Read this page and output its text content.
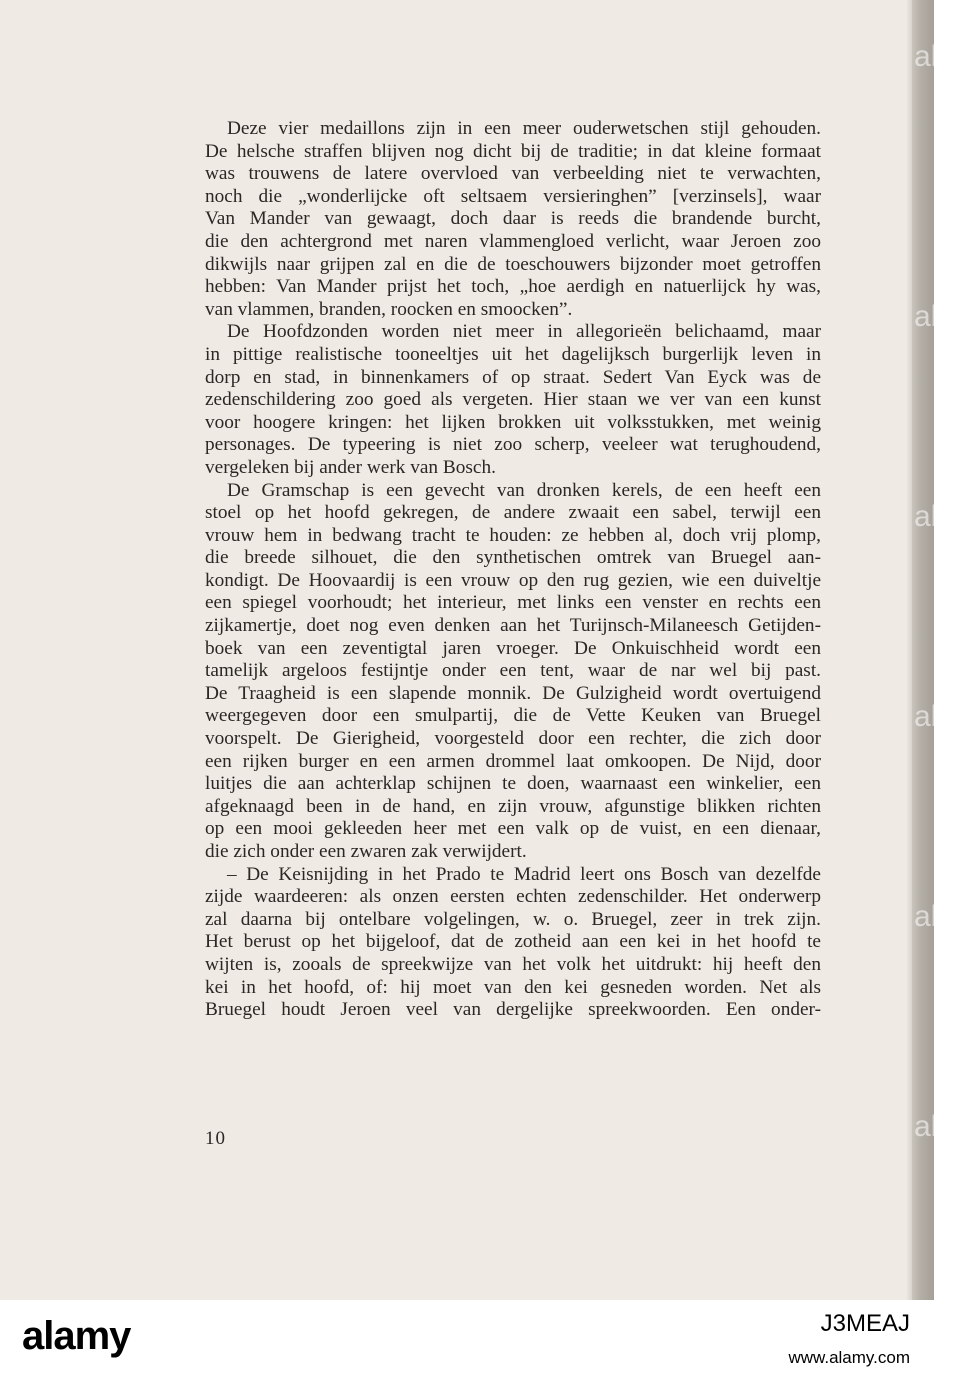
alam
alam
alam
alam
alam
alam
Deze vier medaillons zijn in een meer ouderwetschen stijl gehouden.
De helsche straffen blijven nog dicht bij de traditie; in dat kleine formaat
was trouwens de latere overvloed van verbeelding niet te verwachten,
noch die „wonderlijcke oft seltsaem versieringhen” [verzinsels], waar
Van Mander van gewaagt, doch daar is reeds die brandende burcht,
die den achtergrond met naren vlammengloed verlicht, waar Jeroen zoo
dikwijls naar grijpen zal en die de toeschouwers bijzonder moet getroffen
hebben: Van Mander prijst het toch, „hoe aerdigh en natuerlijck hy was,
van vlammen, branden, roocken en smoocken”.
De Hoofdzonden worden niet meer in allegorieën belichaamd, maar
in pittige realistische tooneeltjes uit het dagelijksch burgerlijk leven in
dorp en stad, in binnenkamers of op straat. Sedert Van Eyck was de
zedenschildering zoo goed als vergeten. Hier staan we ver van een kunst
voor hoogere kringen: het lijken brokken uit volksstukken, met weinig
personages. De typeering is niet zoo scherp, veeleer wat terughoudend,
vergeleken bij ander werk van Bosch.
De Gramschap is een gevecht van dronken kerels, de een heeft een
stoel op het hoofd gekregen, de andere zwaait een sabel, terwijl een
vrouw hem in bedwang tracht te houden: ze hebben al, doch vrij plomp,
die breede silhouet, die den synthetischen omtrek van Bruegel aan-
kondigt. De Hoovaardij is een vrouw op den rug gezien, wie een duiveltje
een spiegel voorhoudt; het interieur, met links een venster en rechts een
zijkamertje, doet nog even denken aan het Turijnsch-Milaneesch Getijden-
boek van een zeventigtal jaren vroeger. De Onkuischheid wordt een
tamelijk argeloos festijntje onder een tent, waar de nar wel bij past.
De Traagheid is een slapende monnik. De Gulzigheid wordt overtuigend
weergegeven door een smulpartij, die de Vette Keuken van Bruegel
voorspelt. De Gierigheid, voorgesteld door een rechter, die zich door
een rijken burger en een armen drommel laat omkoopen. De Nijd, door
luitjes die aan achterklap schijnen te doen, waarnaast een winkelier, een
afgeknaagd been in de hand, en zijn vrouw, afgunstige blikken richten
op een mooi gekleeden heer met een valk op de vuist, en een dienaar,
die zich onder een zwaren zak verwijdert.
– De Keisnijding in het Prado te Madrid leert ons Bosch van dezelfde
zijde waardeeren: als onzen eersten echten zedenschilder. Het onderwerp
zal daarna bij ontelbare volgelingen, w. o. Bruegel, zeer in trek zijn.
Het berust op het bijgeloof, dat de zotheid aan een kei in het hoofd te
wijten is, zooals de spreekwijze van het volk het uitdrukt: hij heeft den
kei in het hoofd, of: hij moet van den kei gesneden worden. Net als
Bruegel houdt Jeroen veel van dergelijke spreekwoorden. Een onder-
10
alamy	J3MEAJ
www.alamy.com
